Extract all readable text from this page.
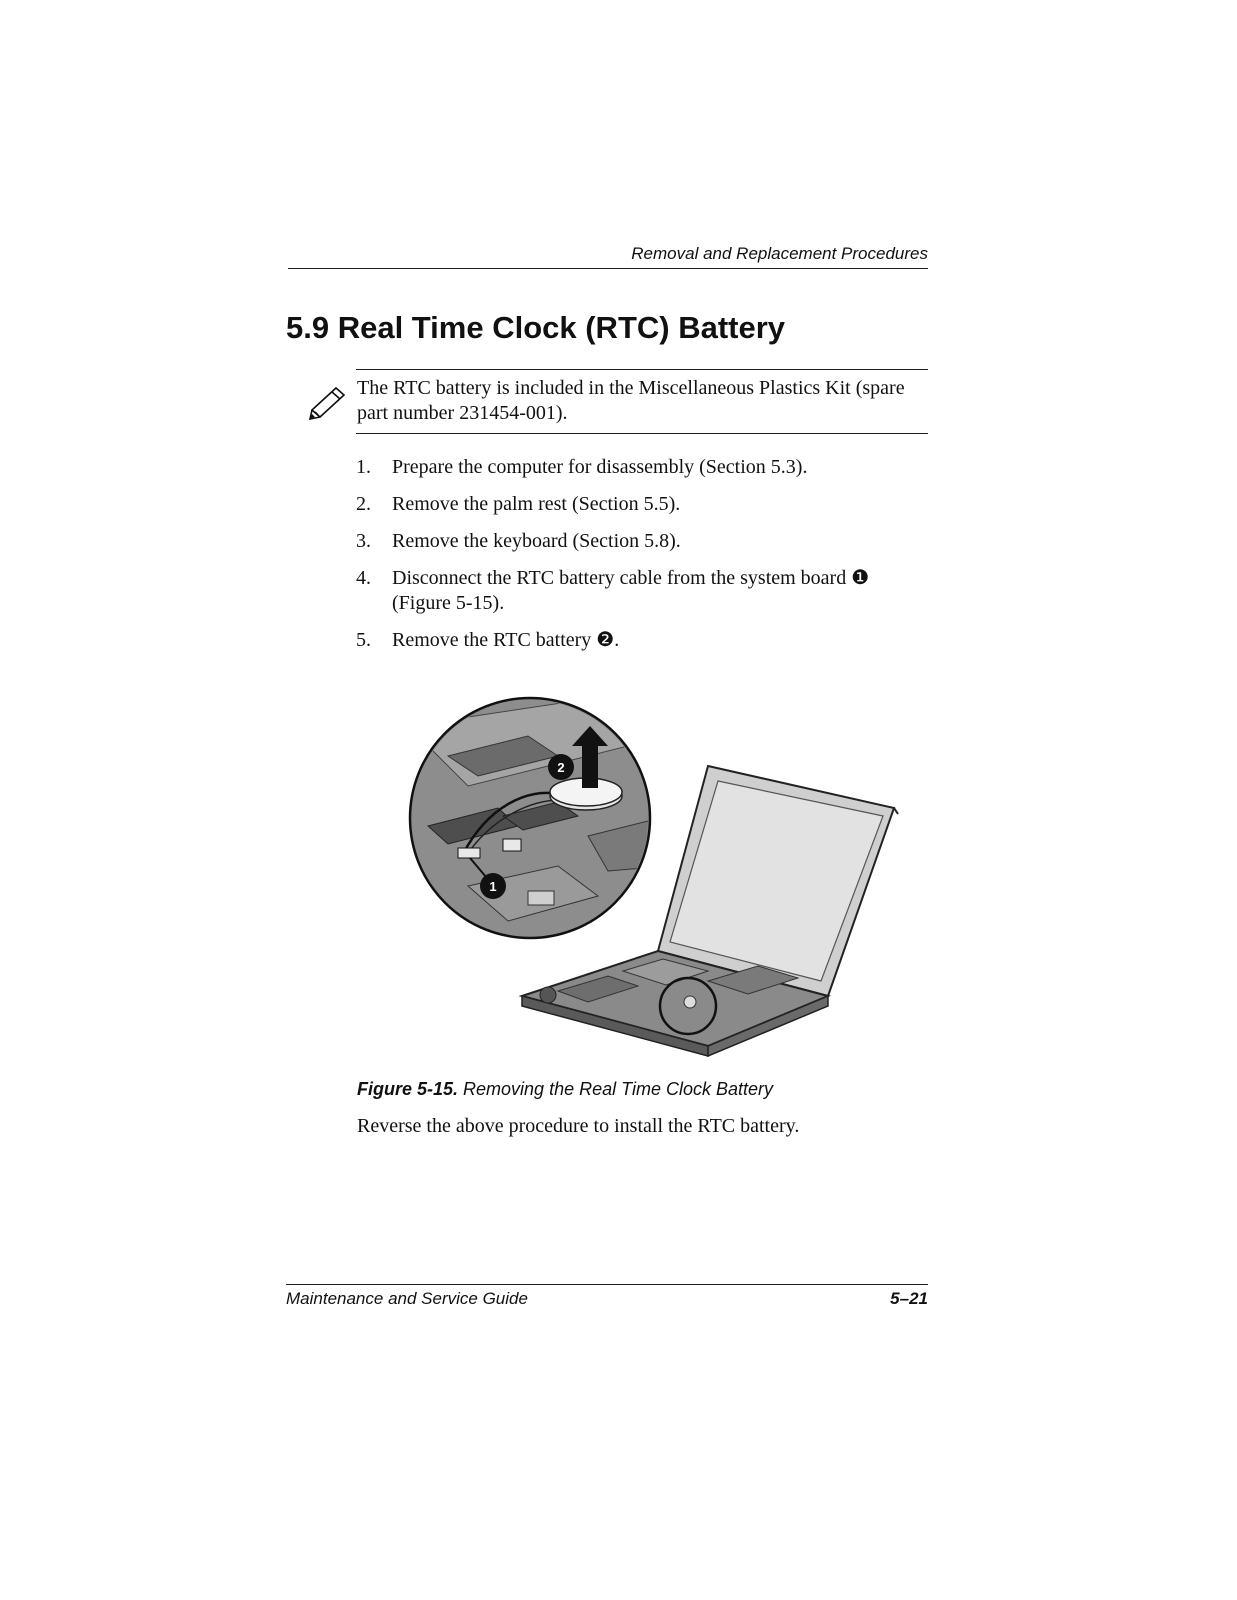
Removal and Replacement Procedures
5.9 Real Time Clock (RTC) Battery
The RTC battery is included in the Miscellaneous Plastics Kit (spare part number 231454-001).
1. Prepare the computer for disassembly (Section 5.3).
2. Remove the palm rest (Section 5.5).
3. Remove the keyboard (Section 5.8).
4. Disconnect the RTC battery cable from the system board ❶ (Figure 5-15).
5. Remove the RTC battery ❷.
2
1
Figure 5-15. Removing the Real Time Clock Battery
Reverse the above procedure to install the RTC battery.
Maintenance and Service Guide	5–21
